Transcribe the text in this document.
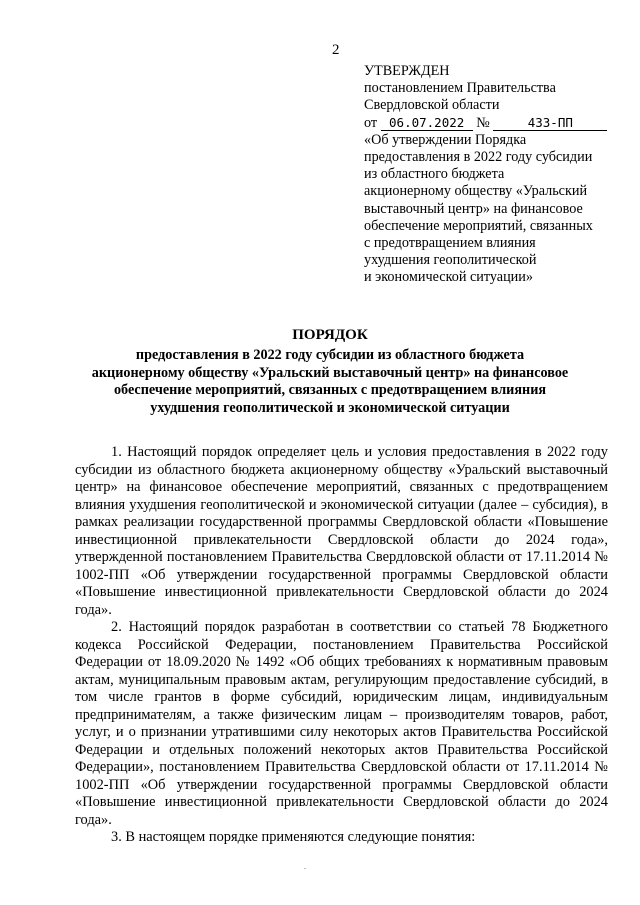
2
УТВЕРЖДЕН
постановлением Правительства
Свердловской области
от 06.07.2022 №	433-ПП
«Об утверждении Порядка
предоставления в 2022 году субсидии
из областного бюджета
акционерному обществу «Уральский
выставочный центр» на финансовое
обеспечение мероприятий, связанных
с предотвращением влияния
ухудшения геополитической
и экономической ситуации»
ПОРЯДОК
предоставления в 2022 году субсидии из областного бюджета
акционерному обществу «Уральский выставочный центр» на финансовое
обеспечение мероприятий, связанных с предотвращением влияния
ухудшения геополитической и экономической ситуации

1. Настоящий порядок определяет цель и условия предоставления в 2022 году субсидии из областного бюджета акционерному обществу «Уральский выставочный центр» на финансовое обеспечение мероприятий, связанных с предотвращением влияния ухудшения геополитической и экономической ситуации (далее – субсидия), в рамках реализации государственной программы Свердловской области «Повышение инвестиционной привлекательности Свердловской области до 2024 года», утвержденной постановлением Правительства Свердловской области от 17.11.2014 № 1002-ПП «Об утверждении государственной программы Свердловской области «Повышение инвестиционной привлекательности Свердловской области до 2024 года».

2. Настоящий порядок разработан в соответствии со статьей 78 Бюджетного кодекса Российской Федерации, постановлением Правительства Российской Федерации от 18.09.2020 № 1492 «Об общих требованиях к нормативным правовым актам, муниципальным правовым актам, регулирующим предоставление субсидий, в том числе грантов в форме субсидий, юридическим лицам, индивидуальным предпринимателям, а также физическим лицам – производителям товаров, работ, услуг, и о признании утратившими силу некоторых актов Правительства Российской Федерации и отдельных положений некоторых актов Правительства Российской Федерации», постановлением Правительства Свердловской области от 17.11.2014 № 1002-ПП «Об утверждении государственной программы Свердловской области «Повышение инвестиционной привлекательности Свердловской области до 2024 года».

3. В настоящем порядке применяются следующие понятия:
